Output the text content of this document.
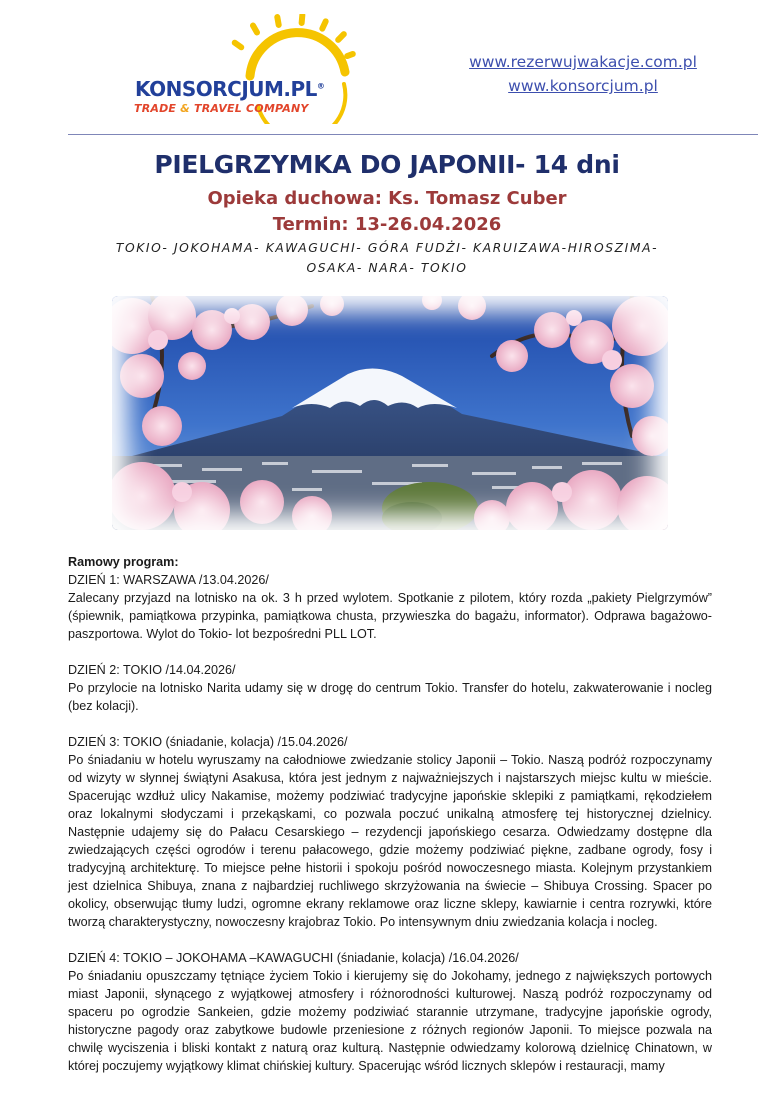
KONSORCJUM.PL®
TRADE & TRAVEL COMPANY
www.rezerwujwakacje.com.pl
www.konsorcjum.pl
PIELGRZYMKA DO JAPONII- 14 dni
Opieka duchowa: Ks. Tomasz Cuber
Termin: 13-26.04.2026
TOKIO- JOKOHAMA- KAWAGUCHI- GÓRA FUDŻI- KARUIZAWA-HIROSZIMA-
OSAKA- NARA- TOKIO
Ramowy program:
DZIEŃ 1: WARSZAWA /13.04.2026/

Zalecany przyjazd na lotnisko na ok. 3 h przed wylotem. Spotkanie z pilotem, który rozda „pakiety Pielgrzymów” (śpiewnik, pamiątkowa przypinka, pamiątkowa chusta, przywieszka do bagażu, informator). Odprawa bagażowo-paszportowa. Wylot do Tokio- lot bezpośredni PLL LOT.

DZIEŃ 2: TOKIO /14.04.2026/

Po przylocie na lotnisko Narita udamy się w drogę do centrum Tokio. Transfer do hotelu, zakwaterowanie i nocleg (bez kolacji).

DZIEŃ 3: TOKIO (śniadanie, kolacja) /15.04.2026/

Po śniadaniu w hotelu wyruszamy na całodniowe zwiedzanie stolicy Japonii – Tokio. Naszą podróż rozpoczynamy od wizyty w słynnej świątyni Asakusa, która jest jednym z najważniejszych i najstarszych miejsc kultu w mieście. Spacerując wzdłuż ulicy Nakamise, możemy podziwiać tradycyjne japońskie sklepiki z pamiątkami, rękodziełem oraz lokalnymi słodyczami i przekąskami, co pozwala poczuć unikalną atmosferę tej historycznej dzielnicy. Następnie udajemy się do Pałacu Cesarskiego – rezydencji japońskiego cesarza. Odwiedzamy dostępne dla zwiedzających części ogrodów i terenu pałacowego, gdzie możemy podziwiać piękne, zadbane ogrody, fosy i tradycyjną architekturę. To miejsce pełne historii i spokoju pośród nowoczesnego miasta. Kolejnym przystankiem jest dzielnica Shibuya, znana z najbardziej ruchliwego skrzyżowania na świecie – Shibuya Crossing. Spacer po okolicy, obserwując tłumy ludzi, ogromne ekrany reklamowe oraz liczne sklepy, kawiarnie i centra rozrywki, które tworzą charakterystyczny, nowoczesny krajobraz Tokio. Po intensywnym dniu zwiedzania kolacja i nocleg.

DZIEŃ 4: TOKIO – JOKOHAMA –KAWAGUCHI (śniadanie, kolacja) /16.04.2026/

Po śniadaniu opuszczamy tętniące życiem Tokio i kierujemy się do Jokohamy, jednego z największych portowych miast Japonii, słynącego z wyjątkowej atmosfery i różnorodności kulturowej. Naszą podróż rozpoczynamy od spaceru po ogrodzie Sankeien, gdzie możemy podziwiać starannie utrzymane, tradycyjne japońskie ogrody, historyczne pagody oraz zabytkowe budowle przeniesione z różnych regionów Japonii. To miejsce pozwala na chwilę wyciszenia i bliski kontakt z naturą oraz kulturą. Następnie odwiedzamy kolorową dzielnicę Chinatown, w której poczujemy wyjątkowy klimat chińskiej kultury. Spacerując wśród licznych sklepów i restauracji, mamy
